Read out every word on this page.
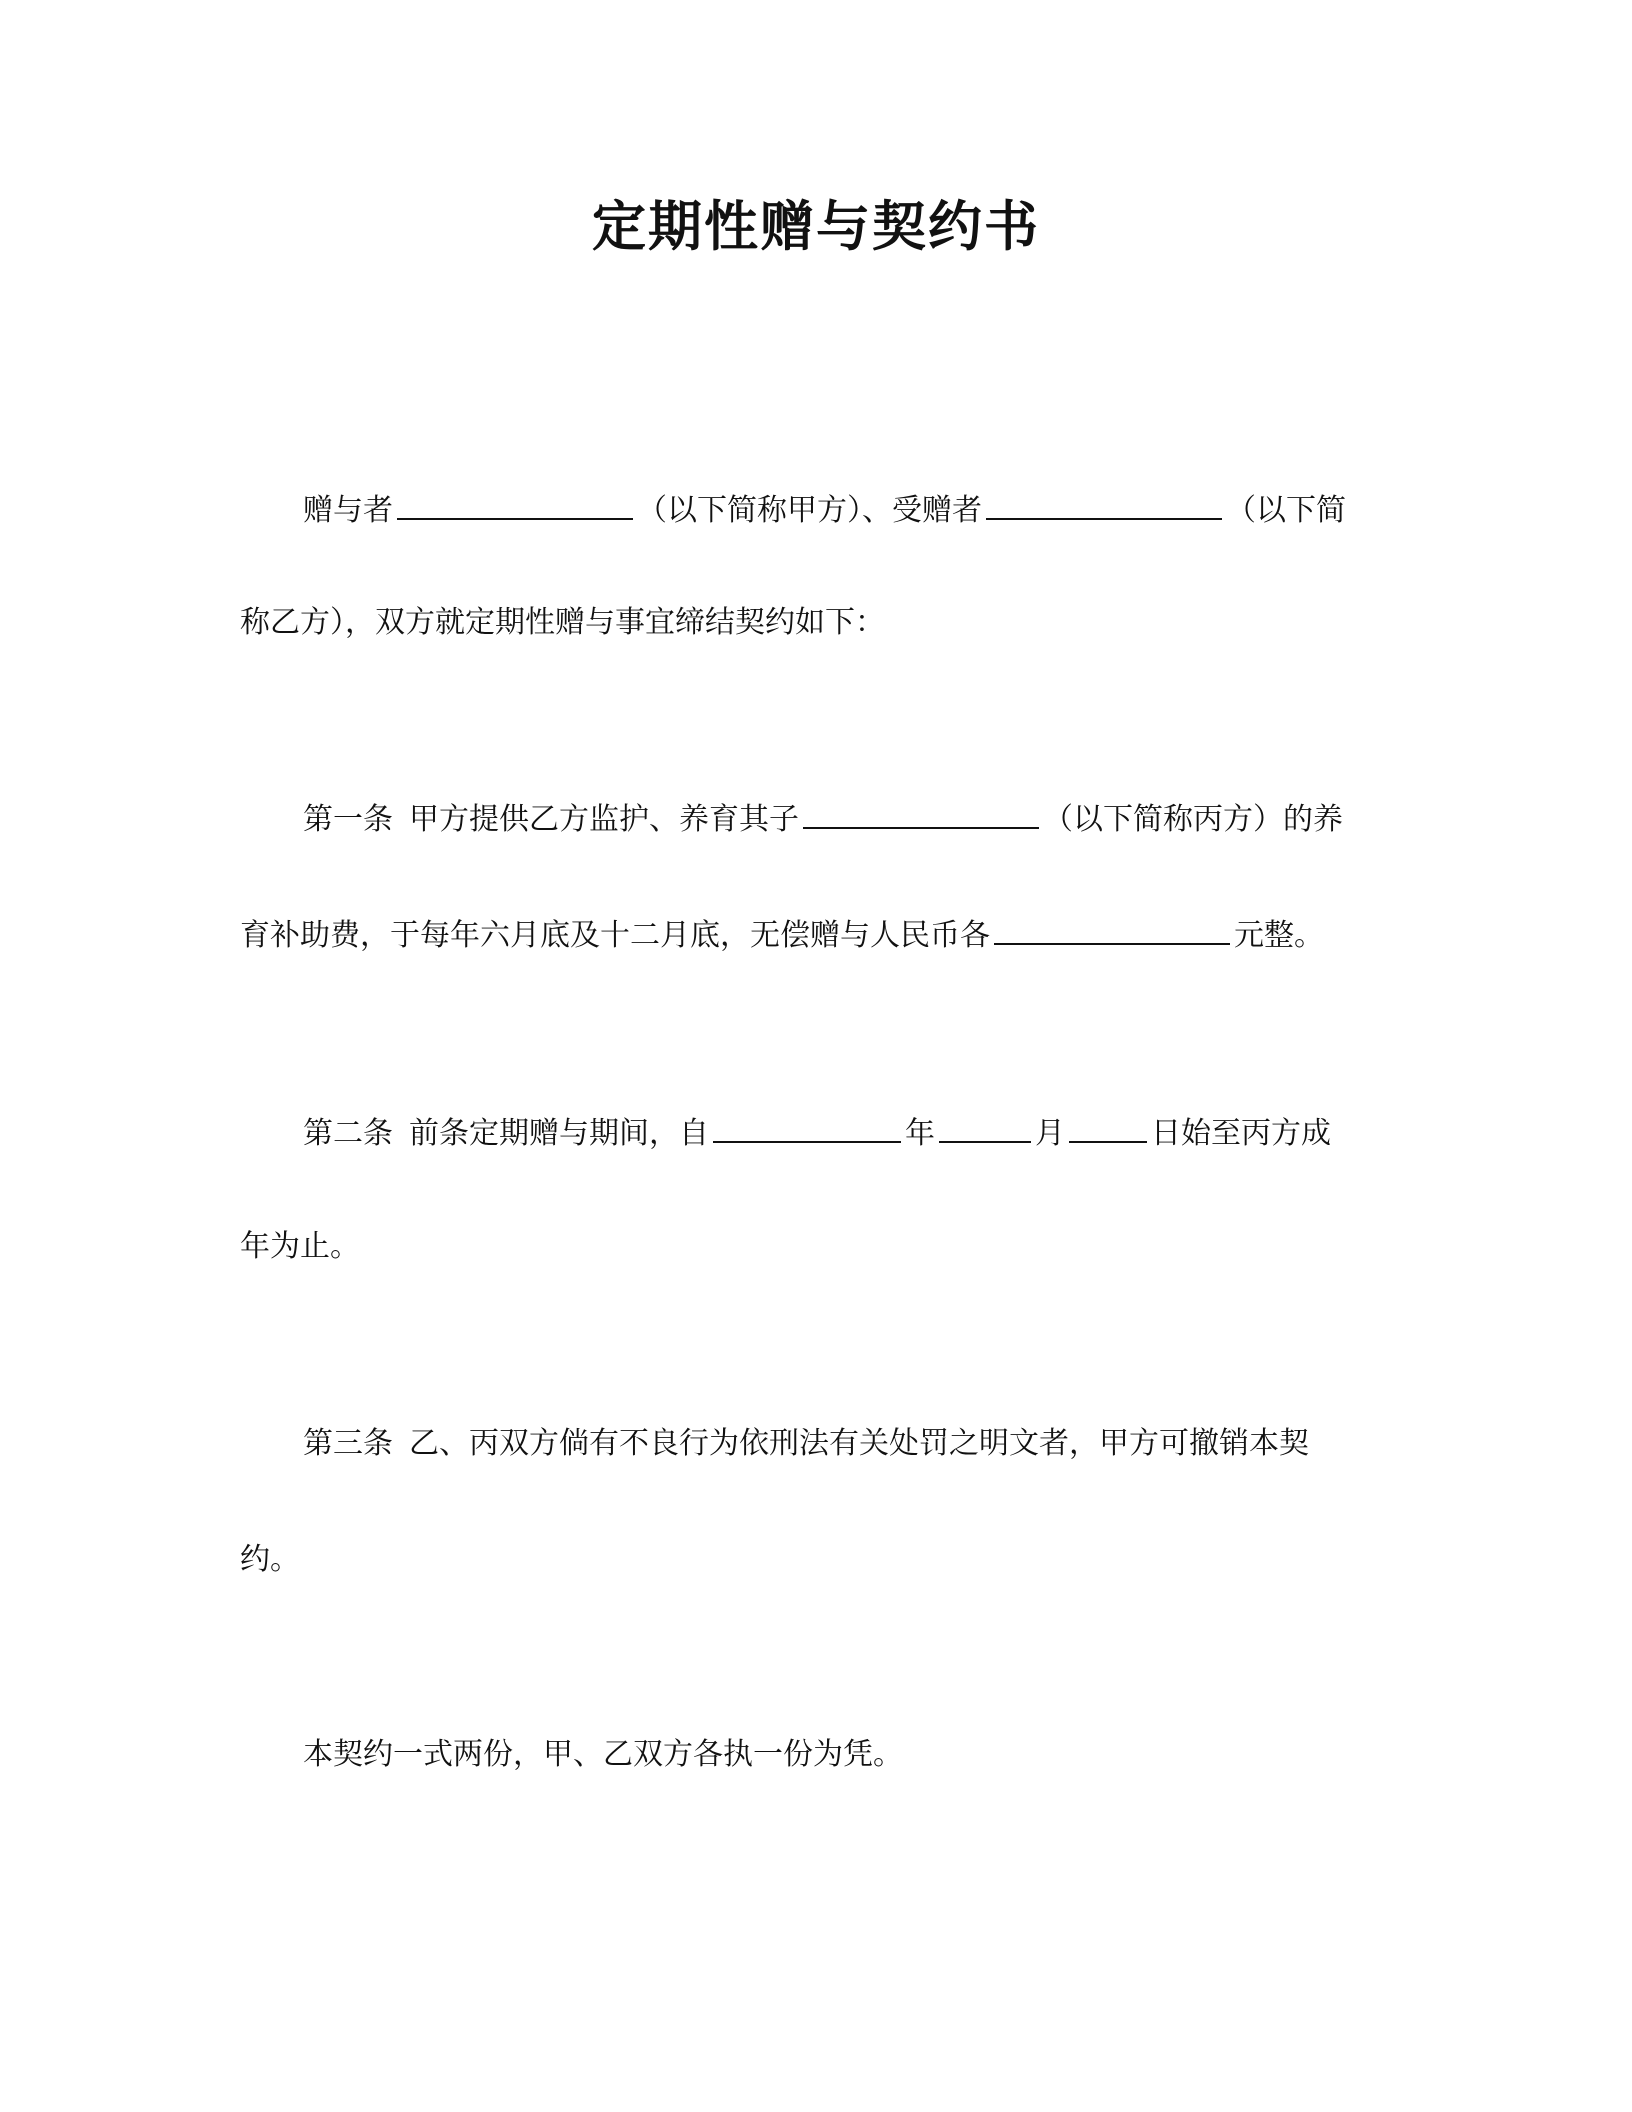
定期性赠与契约书
赠与者	（以下简称甲方）、受赠者	（以下简
称乙方），双方就定期性赠与事宜缔结契约如下：
第一条 甲方提供乙方监护、养育其子	（以下简称丙方）的养
育补助费，于每年六月底及十二月底，无偿赠与人民币各	元整。
第二条 前条定期赠与期间，自	年	月	日始至丙方成
年为止。
第三条 乙、丙双方倘有不良行为依刑法有关处罚之明文者，甲方可撤销本契
约。
本契约一式两份，甲、乙双方各执一份为凭。
